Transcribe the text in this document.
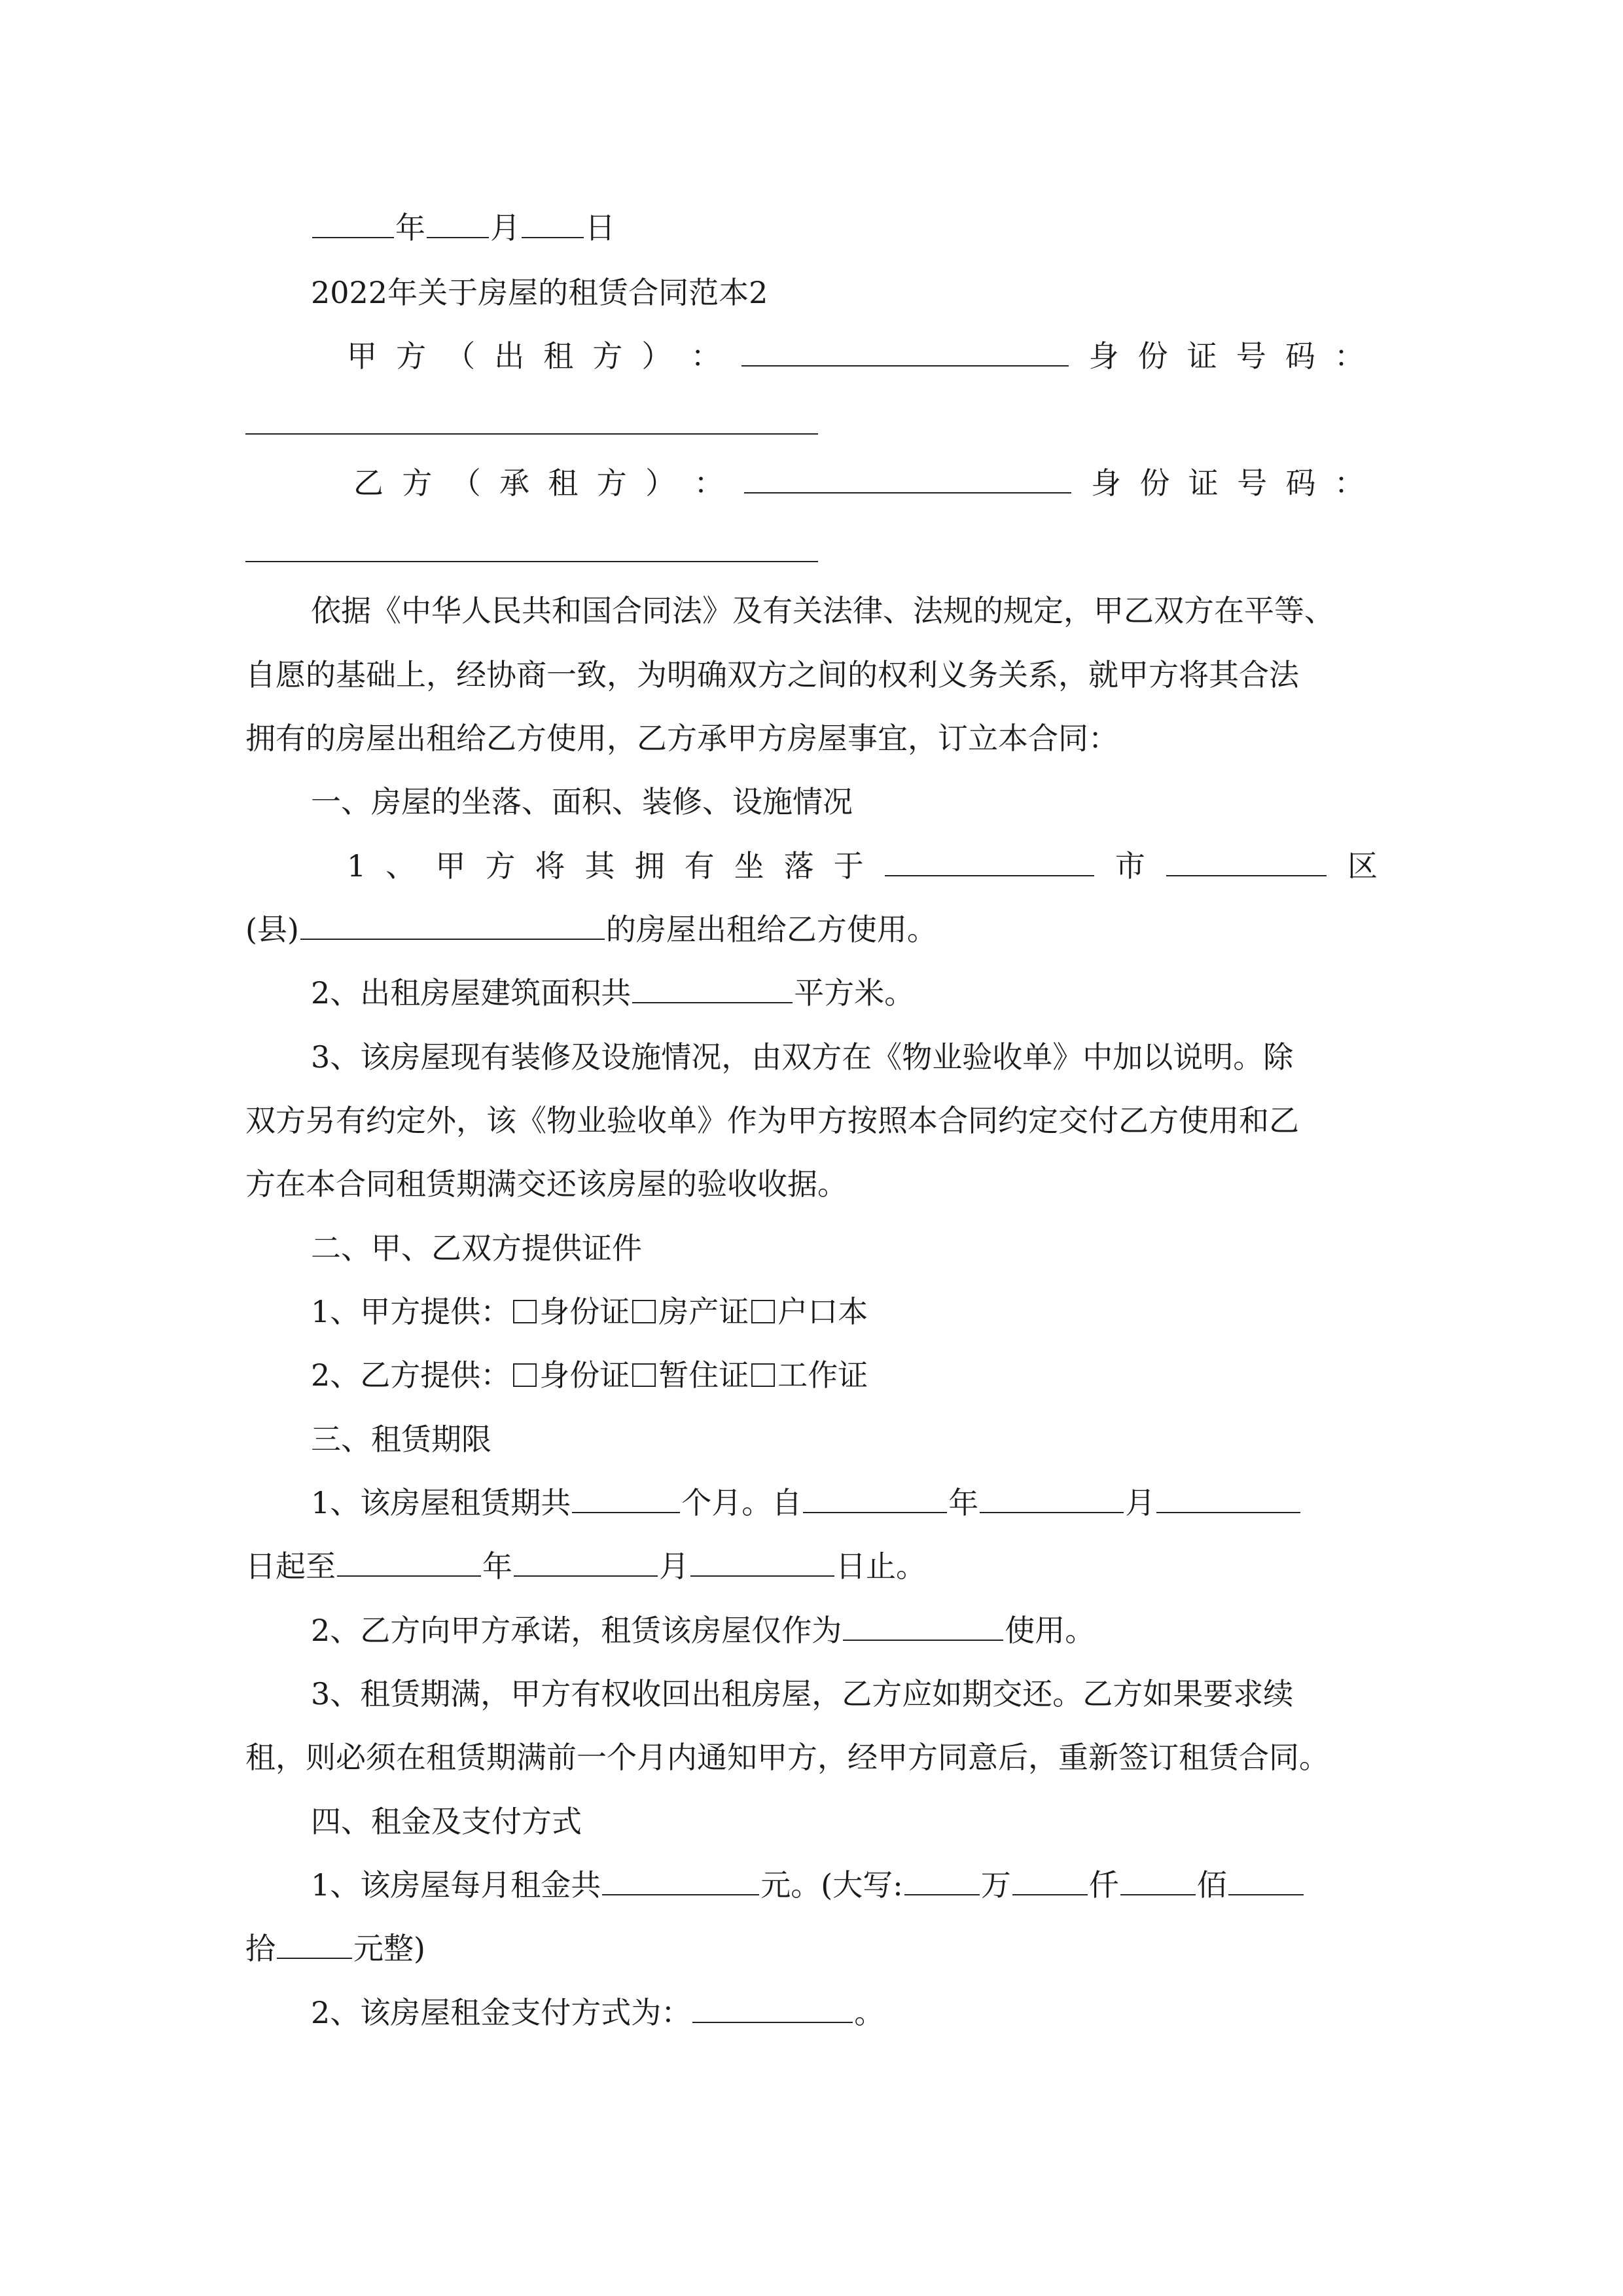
年 月 日
2022年关于房屋的租赁合同范本2
甲 方 （ 出 租 方 ） ：	身 份 证 号 码 ：
乙 方 （ 承 租 方 ） ：	身 份 证 号 码 ：
依据《中华人民共和国合同法》及有关法律、法规的规定，甲乙双方在平等、
自愿的基础上，经协商一致，为明确双方之间的权利义务关系，就甲方将其合法
拥有的房屋出租给乙方使用，乙方承甲方房屋事宜，订立本合同：
一、房屋的坐落、面积、装修、设施情况
1 、 甲 方 将 其 拥 有 坐 落 于	市	区
(县)	的房屋出租给乙方使用。
2、出租房屋建筑面积共	平方米。
3、该房屋现有装修及设施情况，由双方在《物业验收单》中加以说明。除
双方另有约定外，该《物业验收单》作为甲方按照本合同约定交付乙方使用和乙
方在本合同租赁期满交还该房屋的验收收据。
二、甲、乙双方提供证件
1、甲方提供： 身份证 房产证 户口本
2、乙方提供： 身份证 暂住证 工作证
三、租赁期限
1、该房屋租赁期共	个月。自	年	月
日起至	年	月	日止。
2、乙方向甲方承诺，租赁该房屋仅作为	使用。
3、租赁期满，甲方有权收回出租房屋，乙方应如期交还。乙方如果要求续
租，则必须在租赁期满前一个月内通知甲方，经甲方同意后，重新签订租赁合同。
四、租金及支付方式
1、该房屋每月租金共	元。(大写:	万	仟	佰
拾	元整)
2、该房屋租金支付方式为：	。
